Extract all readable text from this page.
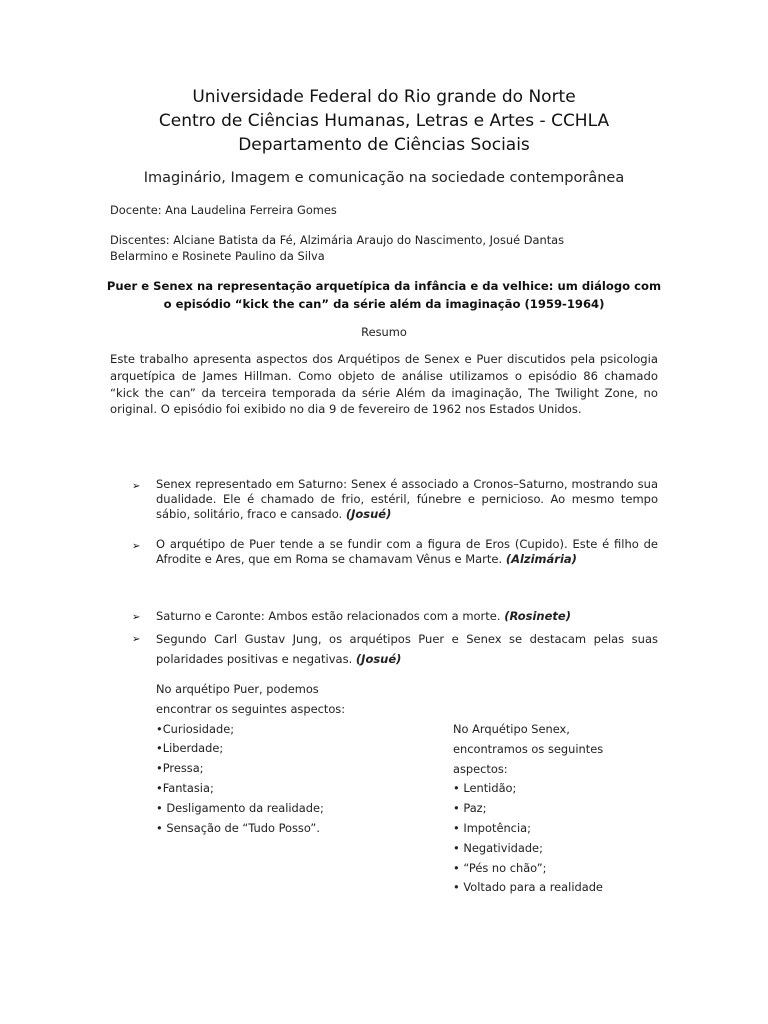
Universidade Federal do Rio grande do Norte
Centro de Ciências Humanas, Letras e Artes - CCHLA
Departamento de Ciências Sociais
Imaginário, Imagem e comunicação na sociedade contemporânea
Docente: Ana Laudelina Ferreira Gomes
Discentes: Alciane Batista da Fé, Alzimária Araujo do Nascimento, Josué Dantas
Belarmino e Rosinete Paulino da Silva
Puer e Senex na representação arquetípica da infância e da velhice: um diálogo com
o episódio “kick the can” da série além da imaginação (1959-1964)
Resumo

Este trabalho apresenta aspectos dos Arquétipos de Senex e Puer discutidos pela psicologia arquetípica de James Hillman. Como objeto de análise utilizamos o episódio 86 chamado “kick the can” da terceira temporada da série Além da imaginação, The Twilight Zone, no original. O episódio foi exibido no dia 9 de fevereiro de 1962 nos Estados Unidos.

➢	Senex representado em Saturno: Senex é associado a Cronos–Saturno, mostrando sua dualidade. Ele é chamado de frio, estéril, fúnebre e pernicioso. Ao mesmo tempo sábio, solitário, fraco e cansado. (Josué)
➢	O arquétipo de Puer tende a se fundir com a figura de Eros (Cupido). Este é filho de Afrodite e Ares, que em Roma se chamavam Vênus e Marte. (Alzimária)
➢	Saturno e Caronte: Ambos estão relacionados com a morte. (Rosinete)
➢	Segundo Carl Gustav Jung, os arquétipos Puer e Senex se destacam pelas suas polaridades positivas e negativas. (Josué)
No arquétipo Puer, podemos
encontrar os seguintes aspectos:
•Curiosidade;
•Liberdade;
•Pressa;
•Fantasia;
• Desligamento da realidade;
• Sensação de “Tudo Posso”.
No Arquétipo Senex,
encontramos os seguintes
aspectos:
• Lentidão;
• Paz;
• Impotência;
• Negatividade;
• “Pés no chão”;
• Voltado para a realidade
